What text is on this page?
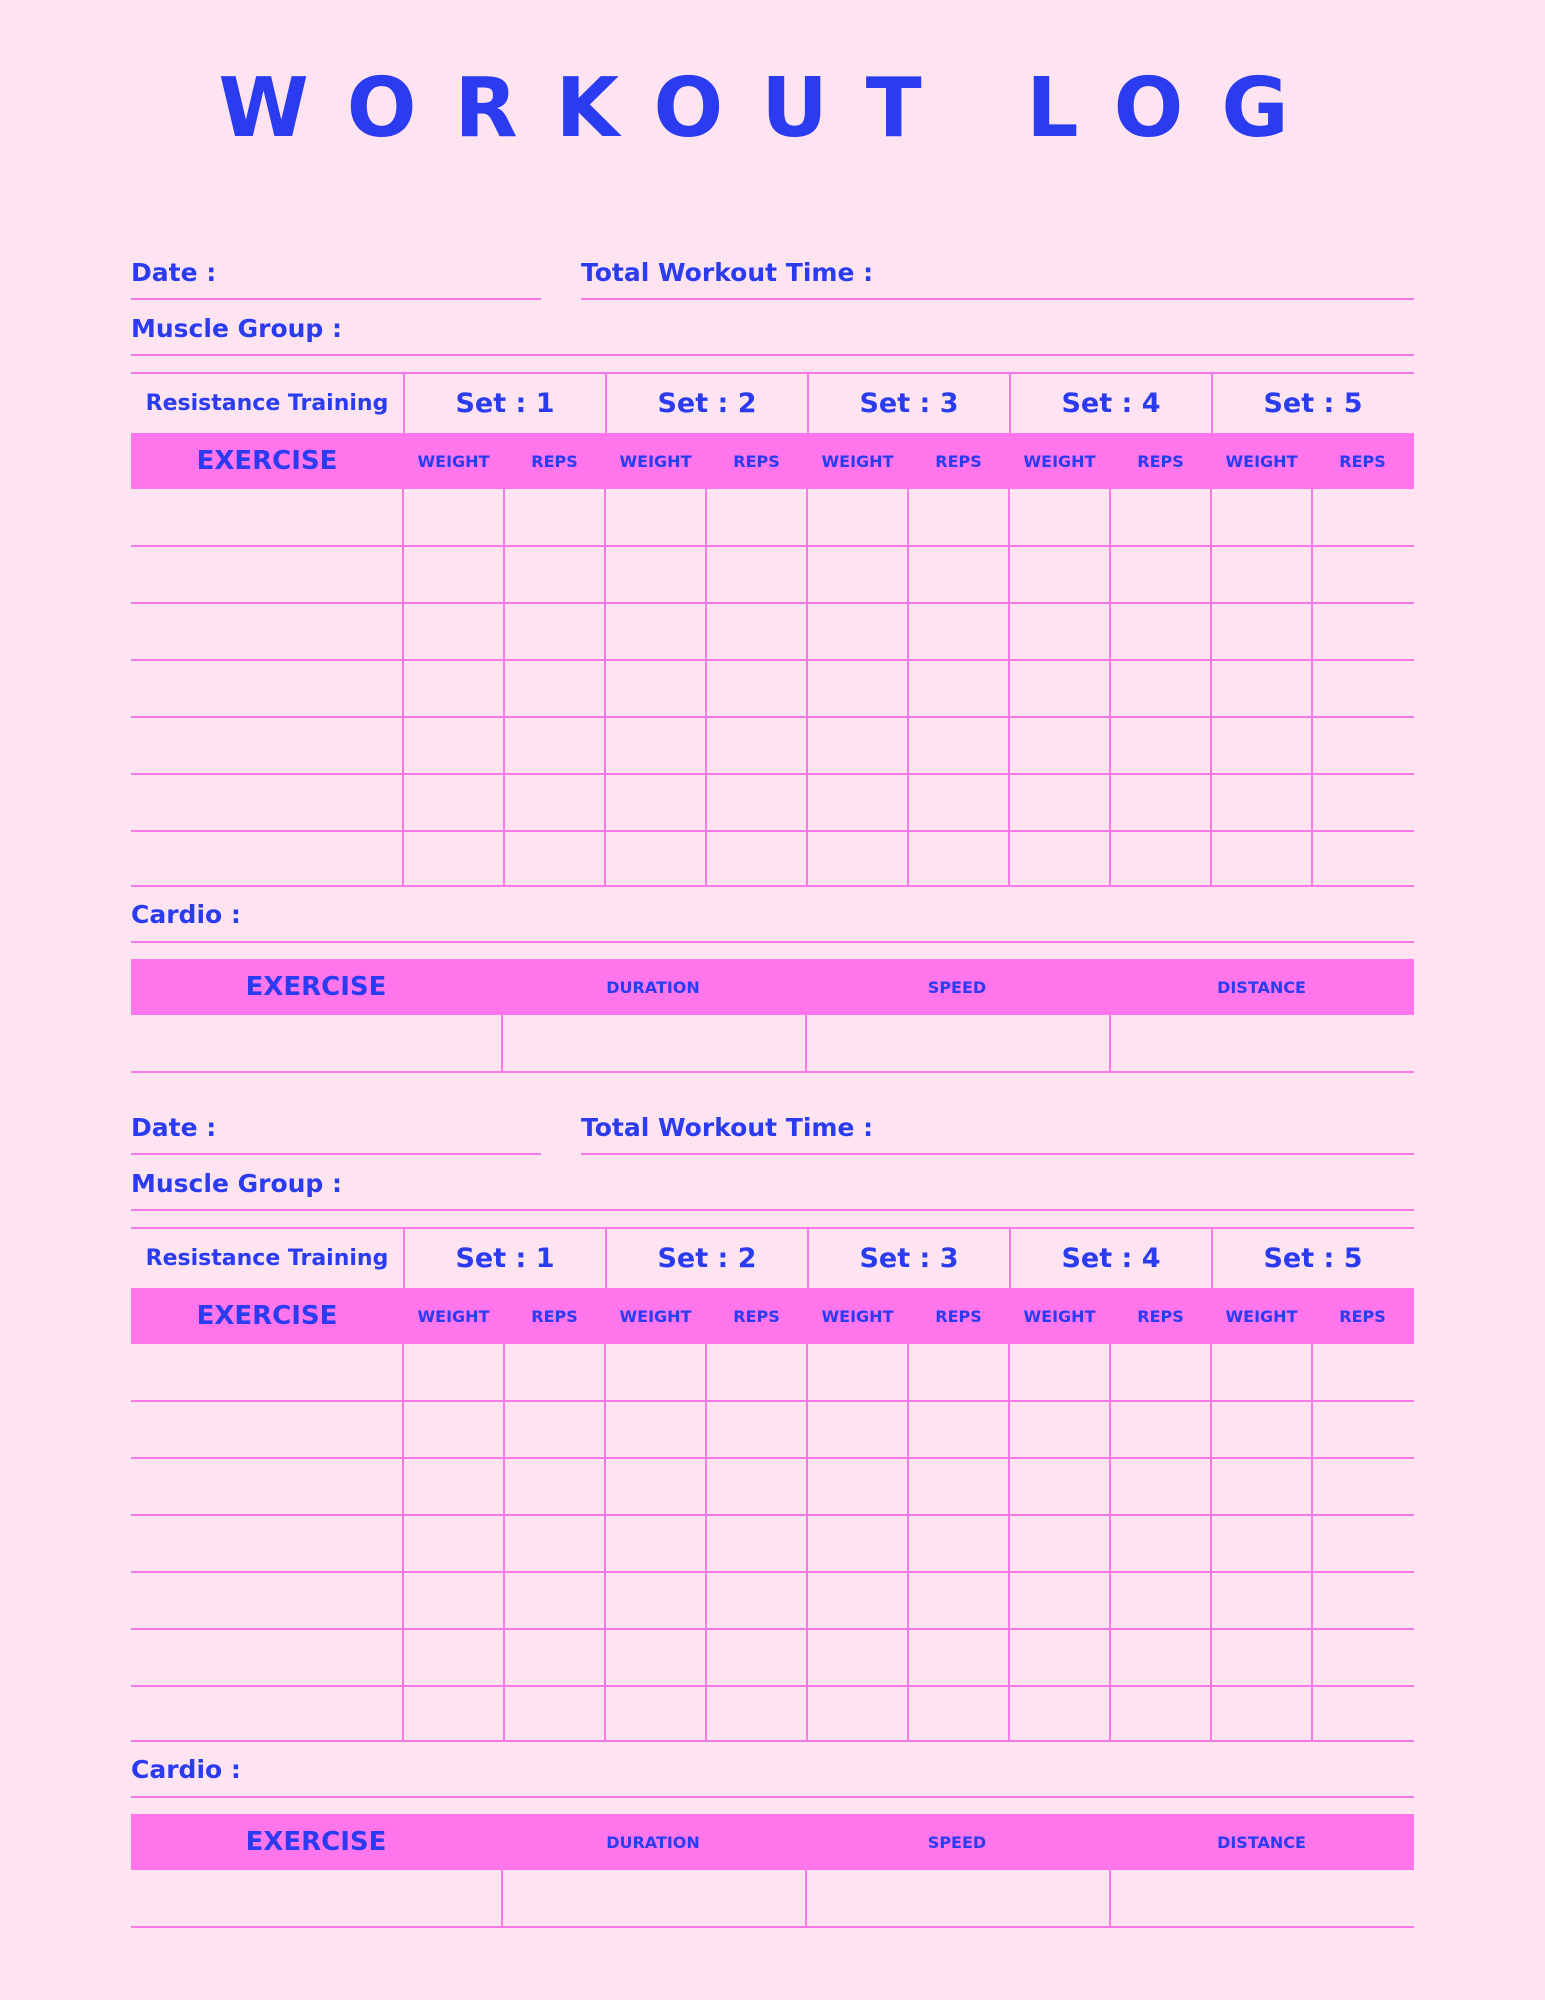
WORKOUT LOG
Date :	Total Workout Time :
Muscle Group :
Resistance Training	Set : 1	Set : 2	Set : 3	Set : 4	Set : 5
EXERCISE	WEIGHT	REPS	WEIGHT	REPS	WEIGHT	REPS	WEIGHT	REPS	WEIGHT	REPS
Cardio :
EXERCISE	DURATION	SPEED	DISTANCE
Date :	Total Workout Time :
Muscle Group :
Resistance Training	Set : 1	Set : 2	Set : 3	Set : 4	Set : 5
EXERCISE	WEIGHT	REPS	WEIGHT	REPS	WEIGHT	REPS	WEIGHT	REPS	WEIGHT	REPS
Cardio :
EXERCISE	DURATION	SPEED	DISTANCE
